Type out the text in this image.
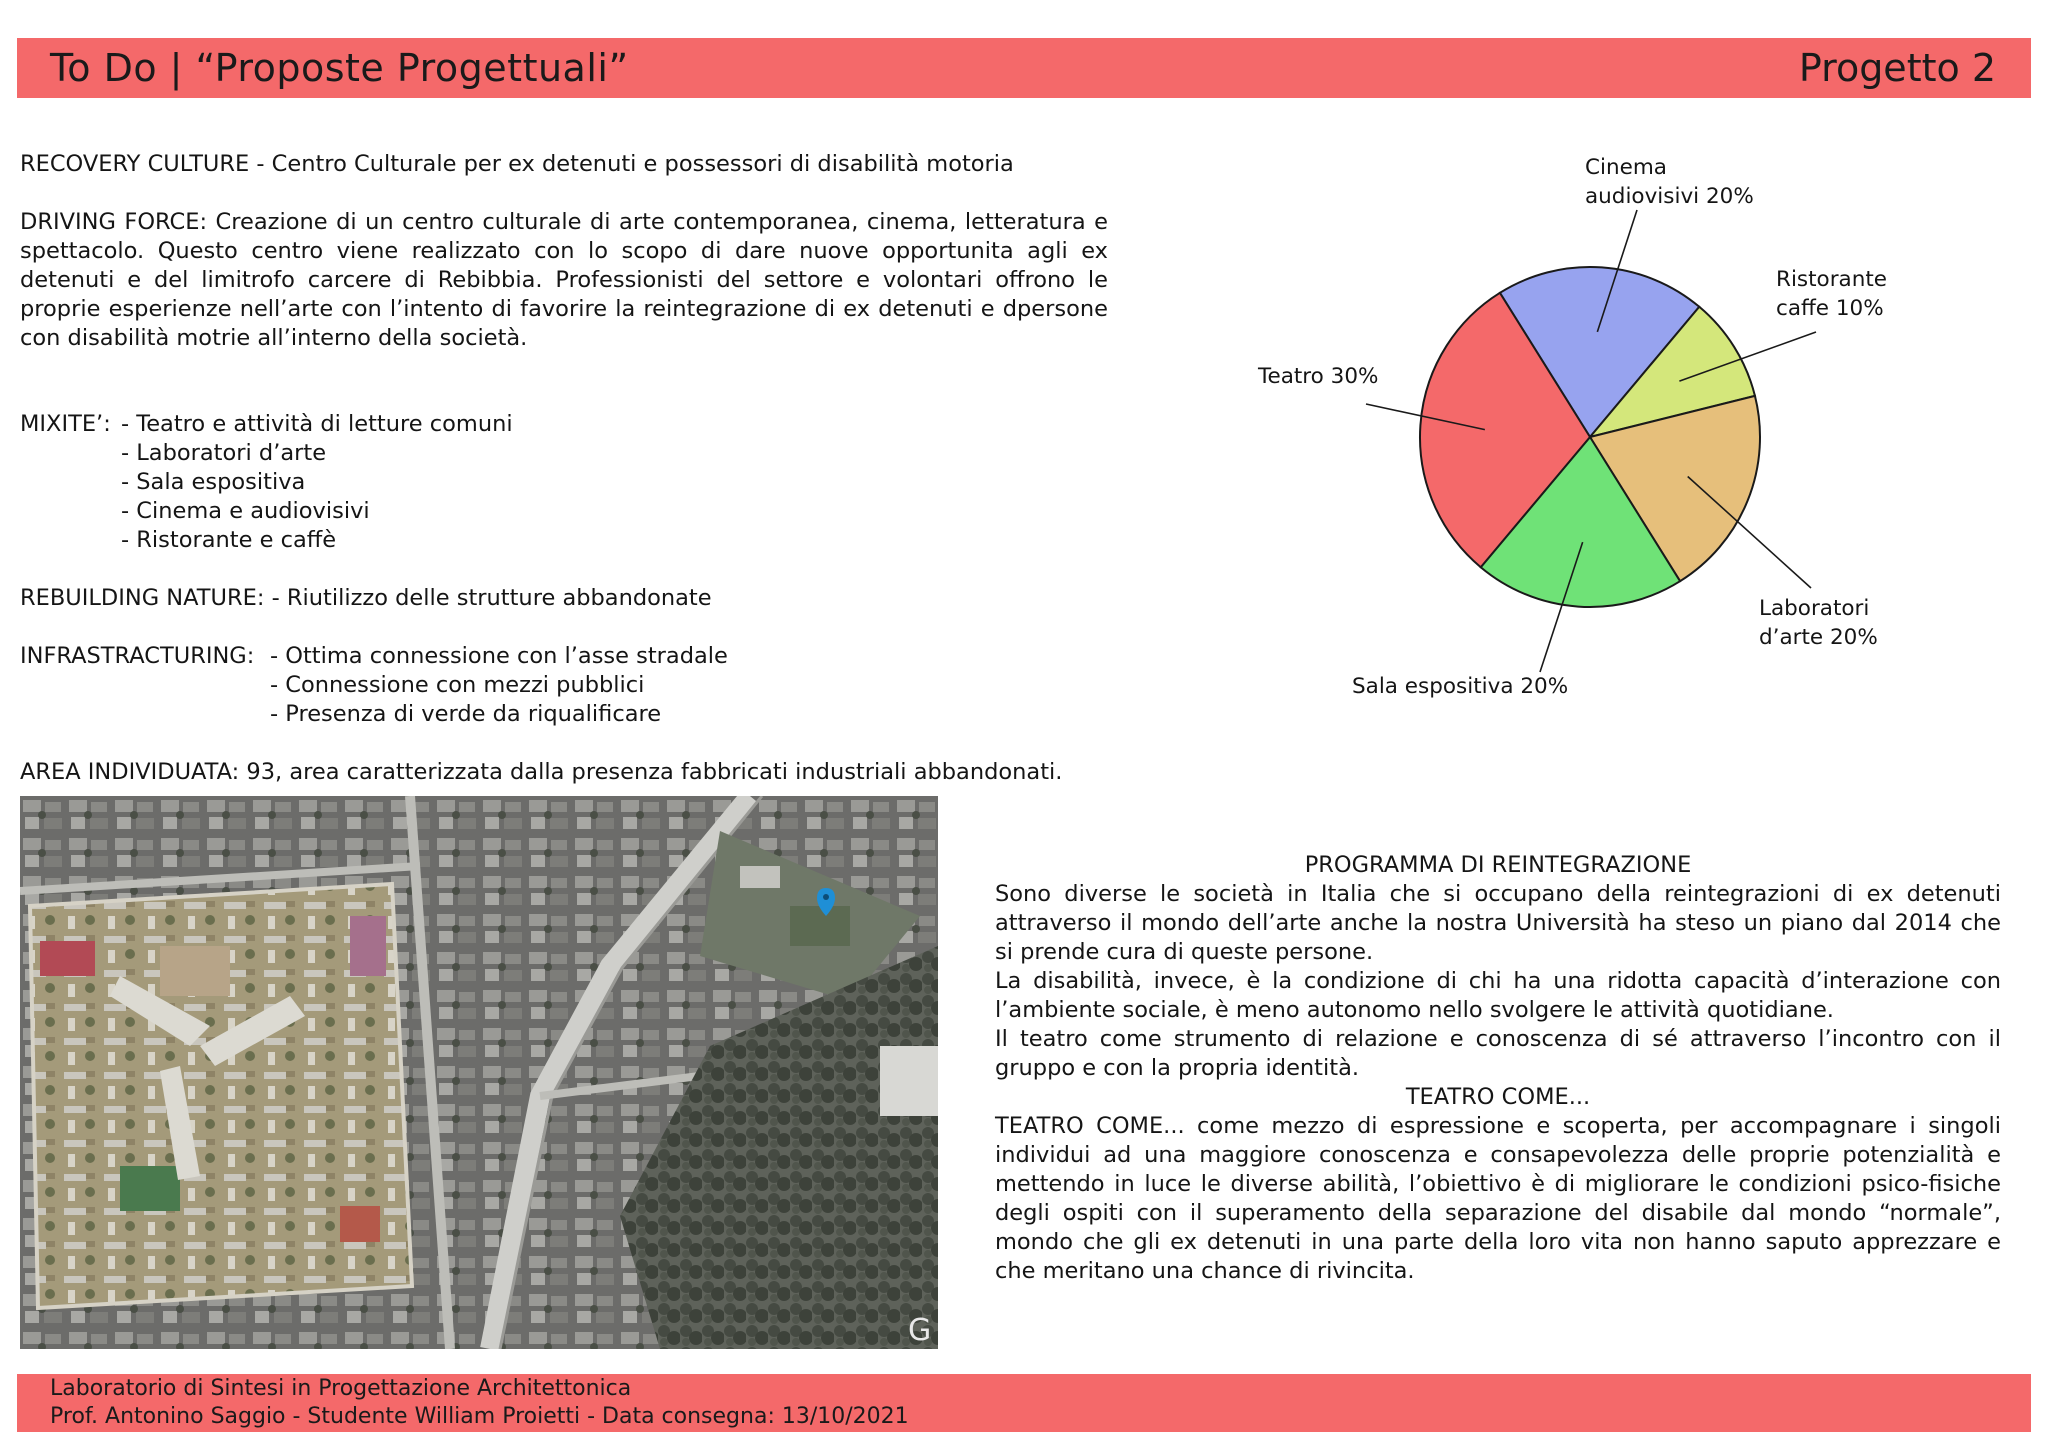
To Do | “Proposte Progettuali”	Progetto 2
RECOVERY CULTURE - Centro Culturale per ex detenuti e possessori di disabilità motoria
DRIVING FORCE: Creazione di un centro culturale di arte contemporanea, cinema, letteratura e spettacolo. Questo centro viene realizzato con lo scopo di dare nuove opportunita agli ex detenuti e del limitrofo carcere di Rebibbia. Professionisti del settore e volontari offrono le proprie esperienze nell’arte con l’intento di favorire la reintegrazione di ex detenuti e dpersone con disabilità motrie all’interno della società.
MIXITE’: - Teatro e attività di letture comuni
- Laboratori d’arte
- Sala espositiva
- Cinema e audiovisivi
- Ristorante e caffè
REBUILDING NATURE: - Riutilizzo delle strutture abbandonate
INFRASTRACTURING: - Ottima connessione con l’asse stradale
- Connessione con mezzi pubblici
- Presenza di verde da riqualificare
AREA INDIVIDUATA: 93, area caratterizzata dalla presenza fabbricati industriali abbandonati.
G
Cinema
audiovisivi 20%
Ristorante
caffe 10%
Laboratori
d’arte 20%
Sala espositiva 20%
Teatro 30%
PROGRAMMA DI REINTEGRAZIONE
Sono diverse le società in Italia che si occupano della reintegrazioni di ex detenuti attraverso il mondo dell’arte anche la nostra Università ha steso un piano dal 2014 che si prende cura di queste persone.
La disabilità, invece, è la condizione di chi ha una ridotta capacità d’interazione con l’ambiente sociale, è meno autonomo nello svolgere le attività quotidiane.
Il teatro come strumento di relazione e conoscenza di sé attraverso l’incontro con il gruppo e con la propria identità.
TEATRO COME...
TEATRO COME... come mezzo di espressione e scoperta, per accompagnare i singoli individui ad una maggiore conoscenza e consapevolezza delle proprie potenzialità e mettendo in luce le diverse abilità, l’obiettivo è di migliorare le condizioni psico-fisiche degli ospiti con il superamento della separazione del disabile dal mondo “normale”, mondo che gli ex detenuti in una parte della loro vita non hanno saputo apprezzare e che meritano una chance di rivincita.
Laboratorio di Sintesi in Progettazione Architettonica
Prof. Antonino Saggio - Studente William Proietti - Data consegna: 13/10/2021
